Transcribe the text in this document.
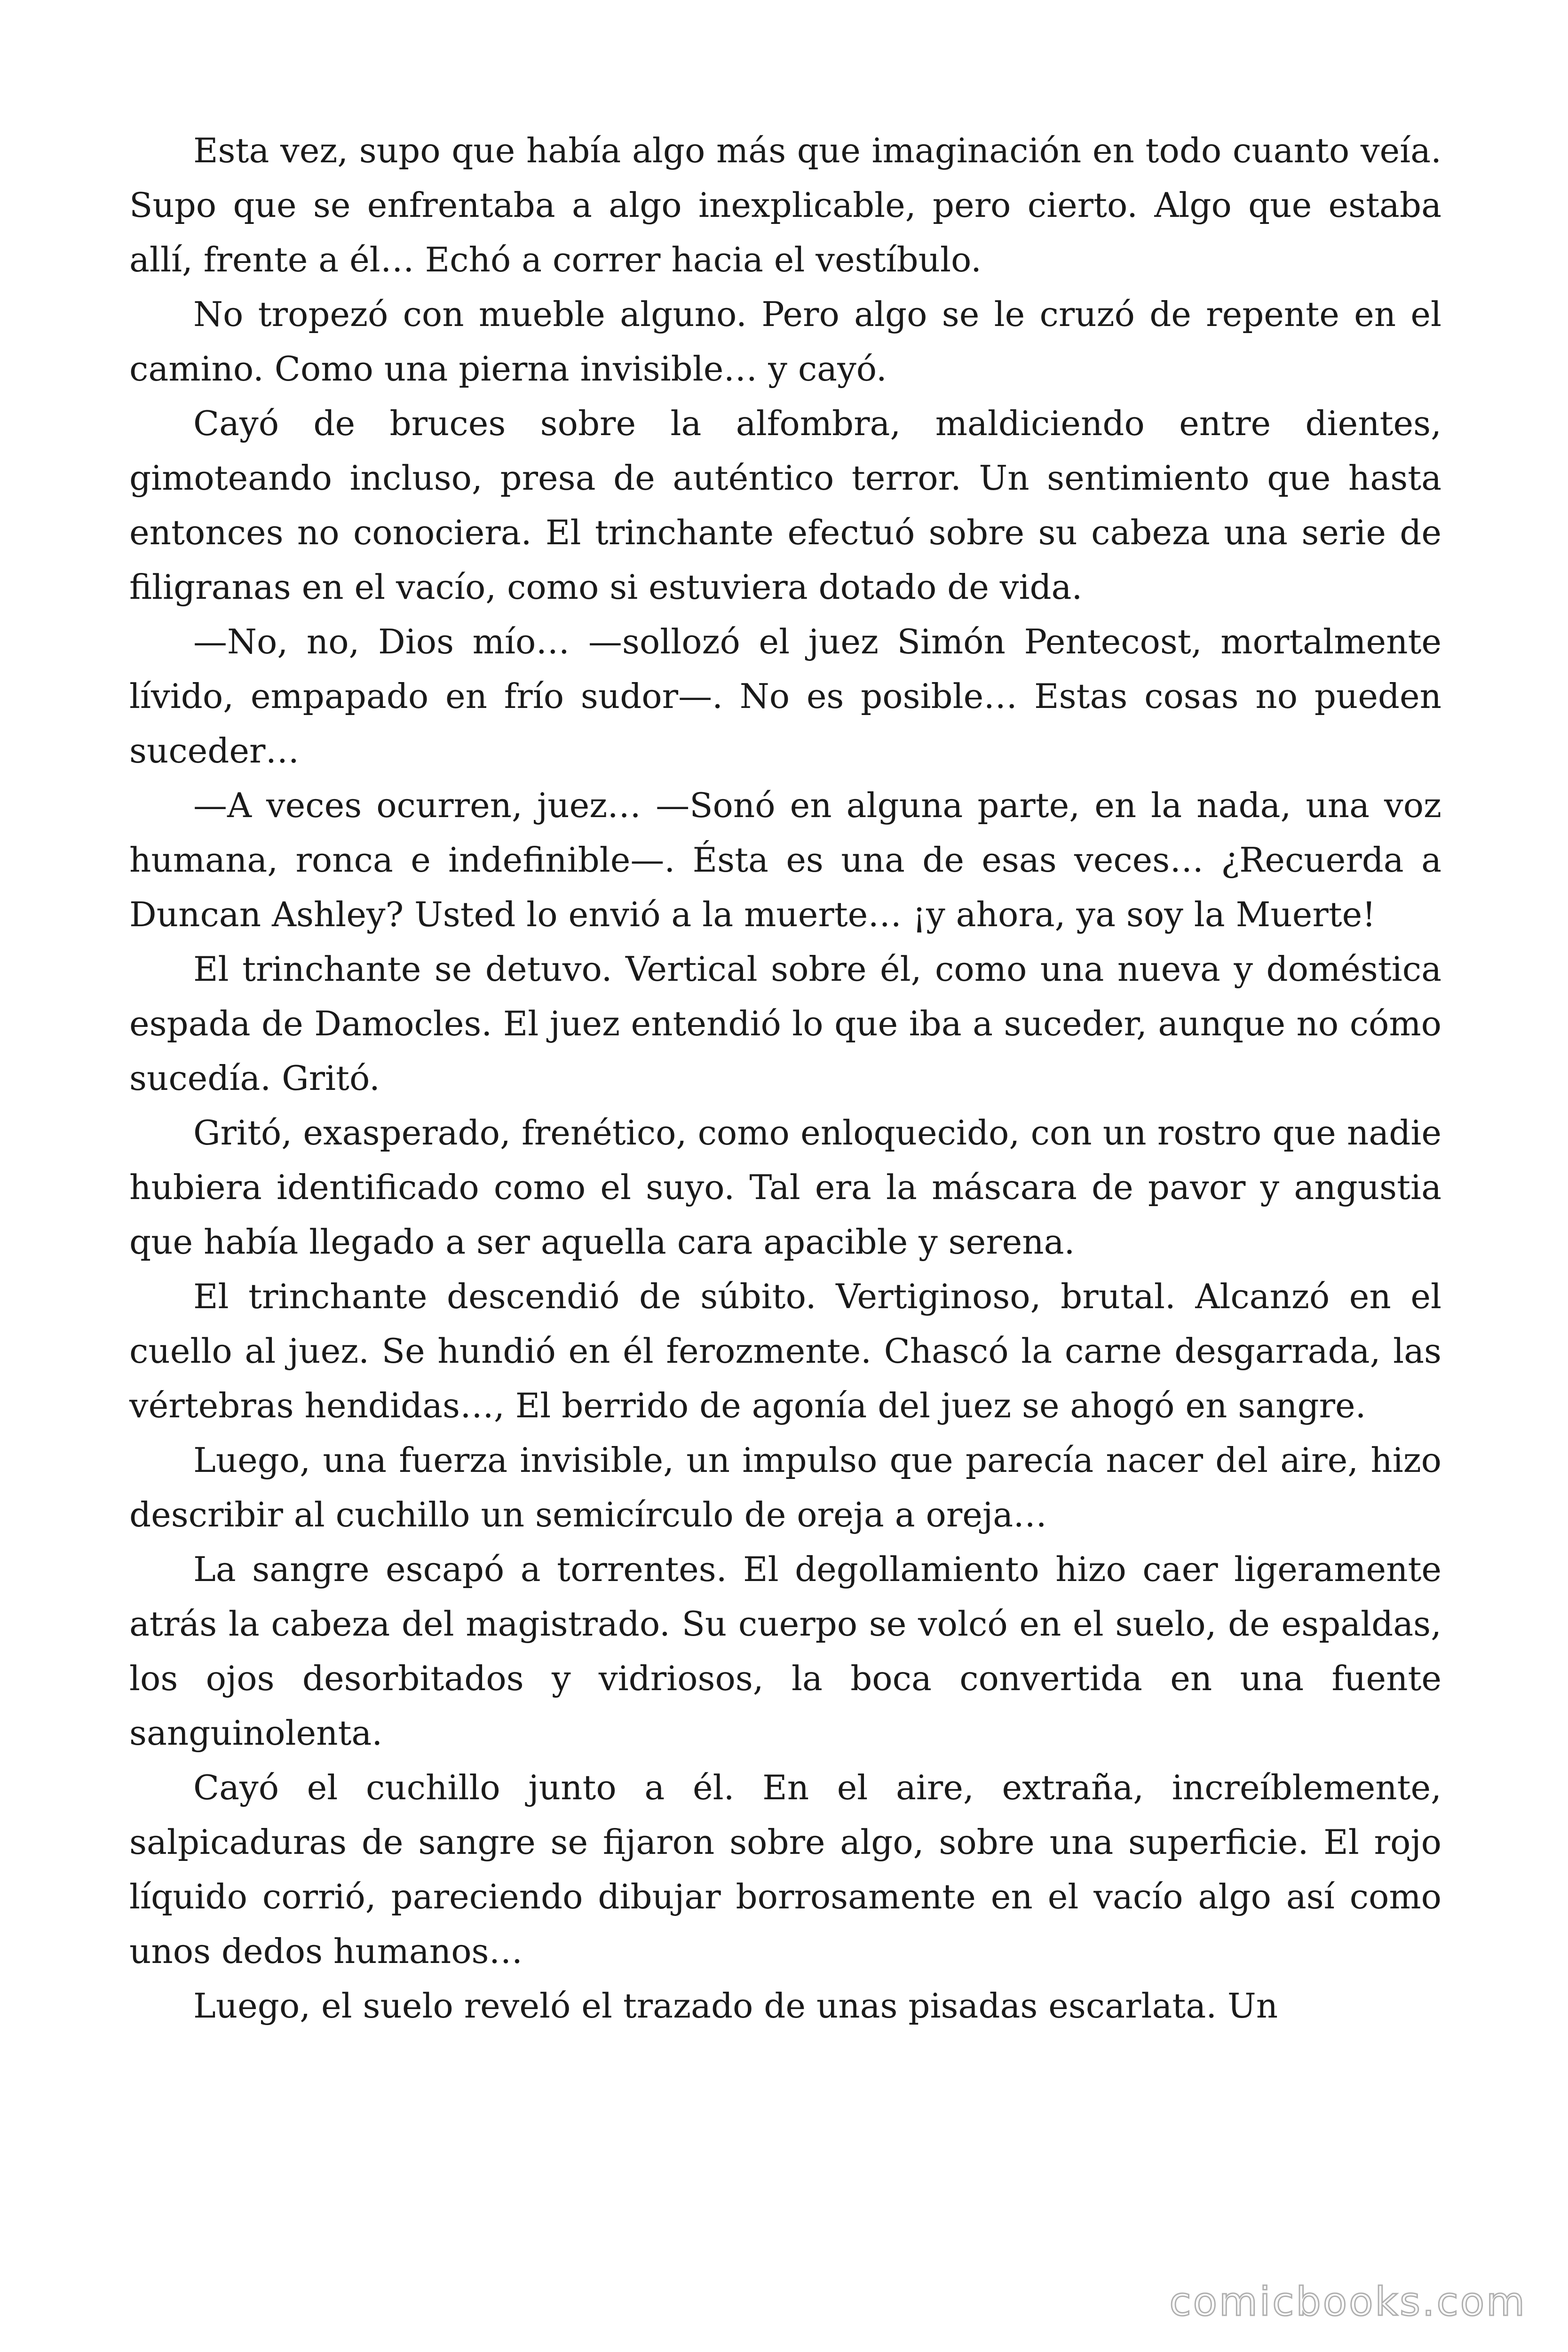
Esta vez, supo que había algo más que imaginación en todo cuanto veía. Supo que se enfrentaba a algo inexplicable, pero cierto. Algo que estaba allí, frente a él… Echó a correr hacia el vestíbulo.

No tropezó con mueble alguno. Pero algo se le cruzó de repente en el camino. Como una pierna invisible… y cayó.

Cayó de bruces sobre la alfombra, maldiciendo entre dientes, gimoteando incluso, presa de auténtico terror. Un sentimiento que hasta entonces no conociera. El trinchante efectuó sobre su cabeza una serie de filigranas en el vacío, como si estuviera dotado de vida.

—No, no, Dios mío… —sollozó el juez Simón Pentecost, mortalmente lívido, empapado en frío sudor—. No es posible… Estas cosas no pueden suceder…

—A veces ocurren, juez… —Sonó en alguna parte, en la nada, una voz humana, ronca e indefinible—. Ésta es una de esas veces… ¿Recuerda a Duncan Ashley? Usted lo envió a la muerte… ¡y ahora, ya soy la Muerte!

El trinchante se detuvo. Vertical sobre él, como una nueva y doméstica espada de Damocles. El juez entendió lo que iba a suceder, aunque no cómo sucedía. Gritó.

Gritó, exasperado, frenético, como enloquecido, con un rostro que nadie hubiera identificado como el suyo. Tal era la máscara de pavor y angustia que había llegado a ser aquella cara apacible y serena.

El trinchante descendió de súbito. Vertiginoso, brutal. Alcanzó en el cuello al juez. Se hundió en él ferozmente. Chascó la carne desgarrada, las vértebras hendidas…, El berrido de agonía del juez se ahogó en sangre.

Luego, una fuerza invisible, un impulso que parecía nacer del aire, hizo describir al cuchillo un semicírculo de oreja a oreja…

La sangre escapó a torrentes. El degollamiento hizo caer ligeramente atrás la cabeza del magistrado. Su cuerpo se volcó en el suelo, de espaldas, los ojos desorbitados y vidriosos, la boca convertida en una fuente sanguinolenta.

Cayó el cuchillo junto a él. En el aire, extraña, increíblemente, salpicaduras de sangre se fijaron sobre algo, sobre una superficie. El rojo líquido corrió, pareciendo dibujar borrosamente en el vacío algo así como unos dedos humanos…

Luego, el suelo reveló el trazado de unas pisadas escarlata. Un

comicbooks.com
